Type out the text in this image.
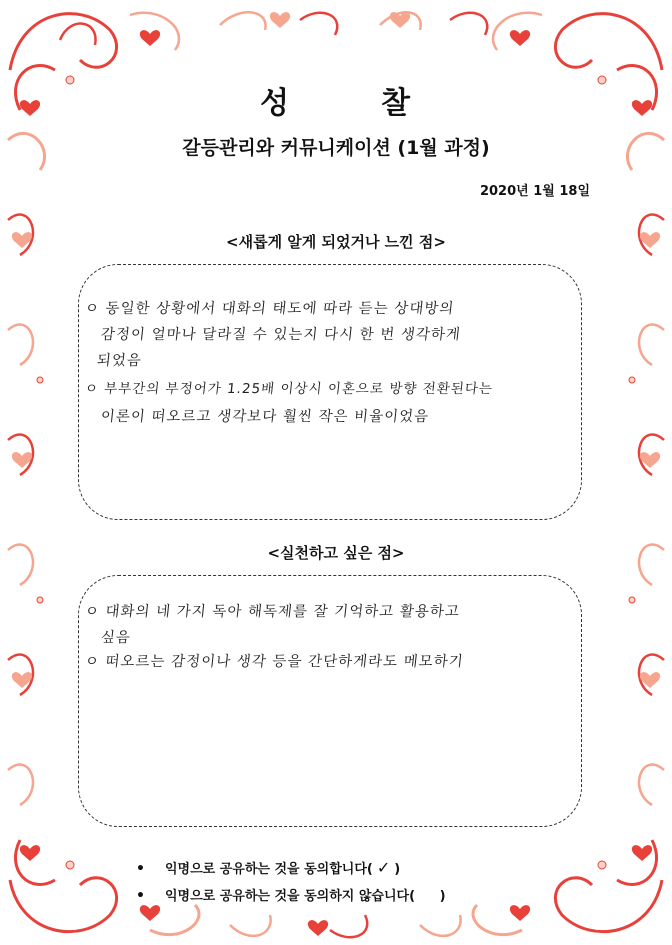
성	찰
갈등관리와 커뮤니케이션 (1월 과정)
2020년 1월 18일
<새롭게 알게 되었거나 느낀 점>
ㅇ 동일한 상황에서 대화의 태도에 따라 듣는 상대방의
감정이 얼마나 달라질 수 있는지 다시 한 번 생각하게
되었음
ㅇ 부부간의 부정어가 1.25배 이상시 이혼으로 방향 전환된다는
이론이 떠오르고 생각보다 훨씬 작은 비율이었음
<실천하고 싶은 점>
ㅇ 대화의 네 가지 독아 해독제를 잘 기억하고 활용하고
싶음
ㅇ 떠오르는 감정이나 생각 등을 간단하게라도 메모하기
• 익명으로 공유하는 것을 동의합니다( ✓ )
• 익명으로 공유하는 것을 동의하지 않습니다( )
